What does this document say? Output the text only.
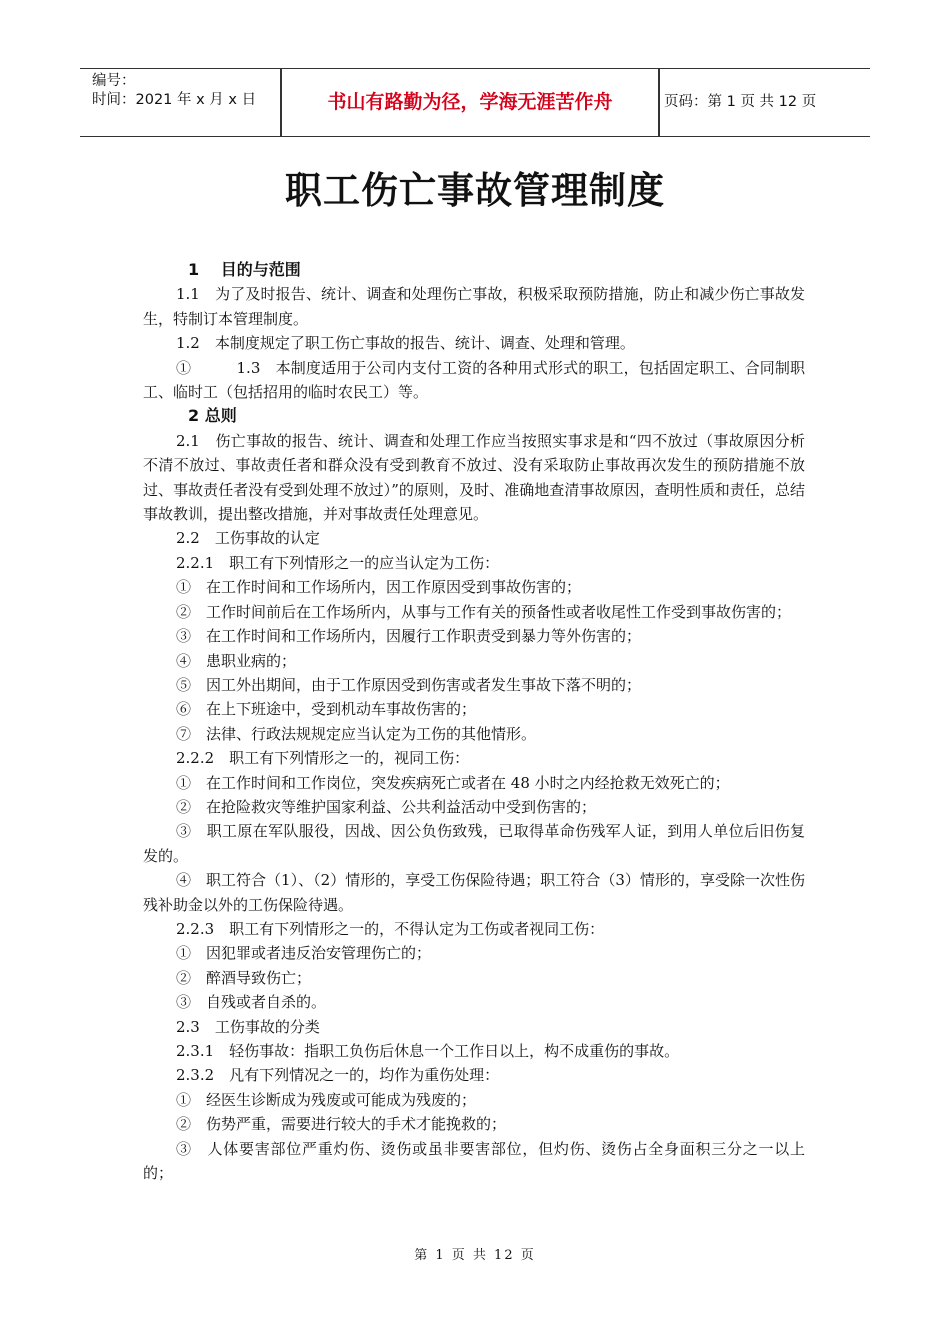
编号：
时间：2021 年 x 月 x 日	书山有路勤为径，学海无涯苦作舟	页码：第 1 页 共 12 页
职工伤亡事故管理制度

1　 目的与范围

1.1　为了及时报告、统计、调查和处理伤亡事故，积极采取预防措施，防止和减少伤亡事故发生，特制订本管理制度。

1.2　本制度规定了职工伤亡事故的报告、统计、调查、处理和管理。

①　　　1.3　本制度适用于公司内支付工资的各种用式形式的职工，包括固定职工、合同制职工、临时工（包括招用的临时农民工）等。

2 总则

2.1　伤亡事故的报告、统计、调查和处理工作应当按照实事求是和“四不放过（事故原因分析不清不放过、事故责任者和群众没有受到教育不放过、没有采取防止事故再次发生的预防措施不放过、事故责任者没有受到处理不放过）”的原则，及时、准确地查清事故原因，查明性质和责任，总结事故教训，提出整改措施，并对事故责任处理意见。

2.2　工伤事故的认定

2.2.1　职工有下列情形之一的应当认定为工伤：

①　在工作时间和工作场所内，因工作原因受到事故伤害的；

②　工作时间前后在工作场所内，从事与工作有关的预备性或者收尾性工作受到事故伤害的；

③　在工作时间和工作场所内，因履行工作职责受到暴力等外伤害的；

④　患职业病的；

⑤　因工外出期间，由于工作原因受到伤害或者发生事故下落不明的；

⑥　在上下班途中，受到机动车事故伤害的；

⑦　法律、行政法规规定应当认定为工伤的其他情形。

2.2.2　职工有下列情形之一的，视同工伤：

①　在工作时间和工作岗位，突发疾病死亡或者在 48 小时之内经抢救无效死亡的；

②　在抢险救灾等维护国家利益、公共利益活动中受到伤害的；

③　职工原在军队服役，因战、因公负伤致残，已取得革命伤残军人证，到用人单位后旧伤复发的。

④　职工符合（1）、（2）情形的，享受工伤保险待遇；职工符合（3）情形的，享受除一次性伤残补助金以外的工伤保险待遇。

2.2.3　职工有下列情形之一的，不得认定为工伤或者视同工伤：

①　因犯罪或者违反治安管理伤亡的；

②　醉酒导致伤亡；

③　自残或者自杀的。

2.3　工伤事故的分类

2.3.1　轻伤事故：指职工负伤后休息一个工作日以上，构不成重伤的事故。

2.3.2　凡有下列情况之一的，均作为重伤处理：

①　经医生诊断成为残废或可能成为残废的；

②　伤势严重，需要进行较大的手术才能挽救的；

③　人体要害部位严重灼伤、烫伤或虽非要害部位，但灼伤、烫伤占全身面积三分之一以上的；

第 1 页 共 12 页
